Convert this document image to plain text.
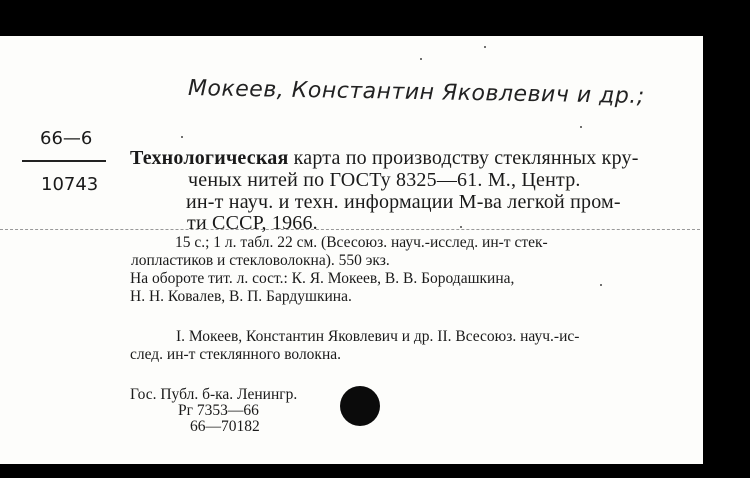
Мокеев, Константин Яковлевич и др.;
66—6
10743
Технологическая карта по производству стеклянных кру-
ченых нитей по ГОСТу 8325—61. М., Центр.
ин-т науч. и техн. информации М-ва легкой пром-
ти СССР, 1966.
15 с.; 1 л. табл. 22 см. (Всесоюз. науч.-исслед. ин-т стек-
лопластиков и стекловолокна). 550 экз.
На обороте тит. л. сост.: К. Я. Мокеев, В. В. Бородашкина,
Н. Н. Ковалев, В. П. Бардушкина.
I. Мокеев, Константин Яковлевич и др. II. Всесоюз. науч.-ис-
след. ин-т стеклянного волокна.
Гос. Публ. б-ка. Ленингр.
Рг 7353—66
66—70182
